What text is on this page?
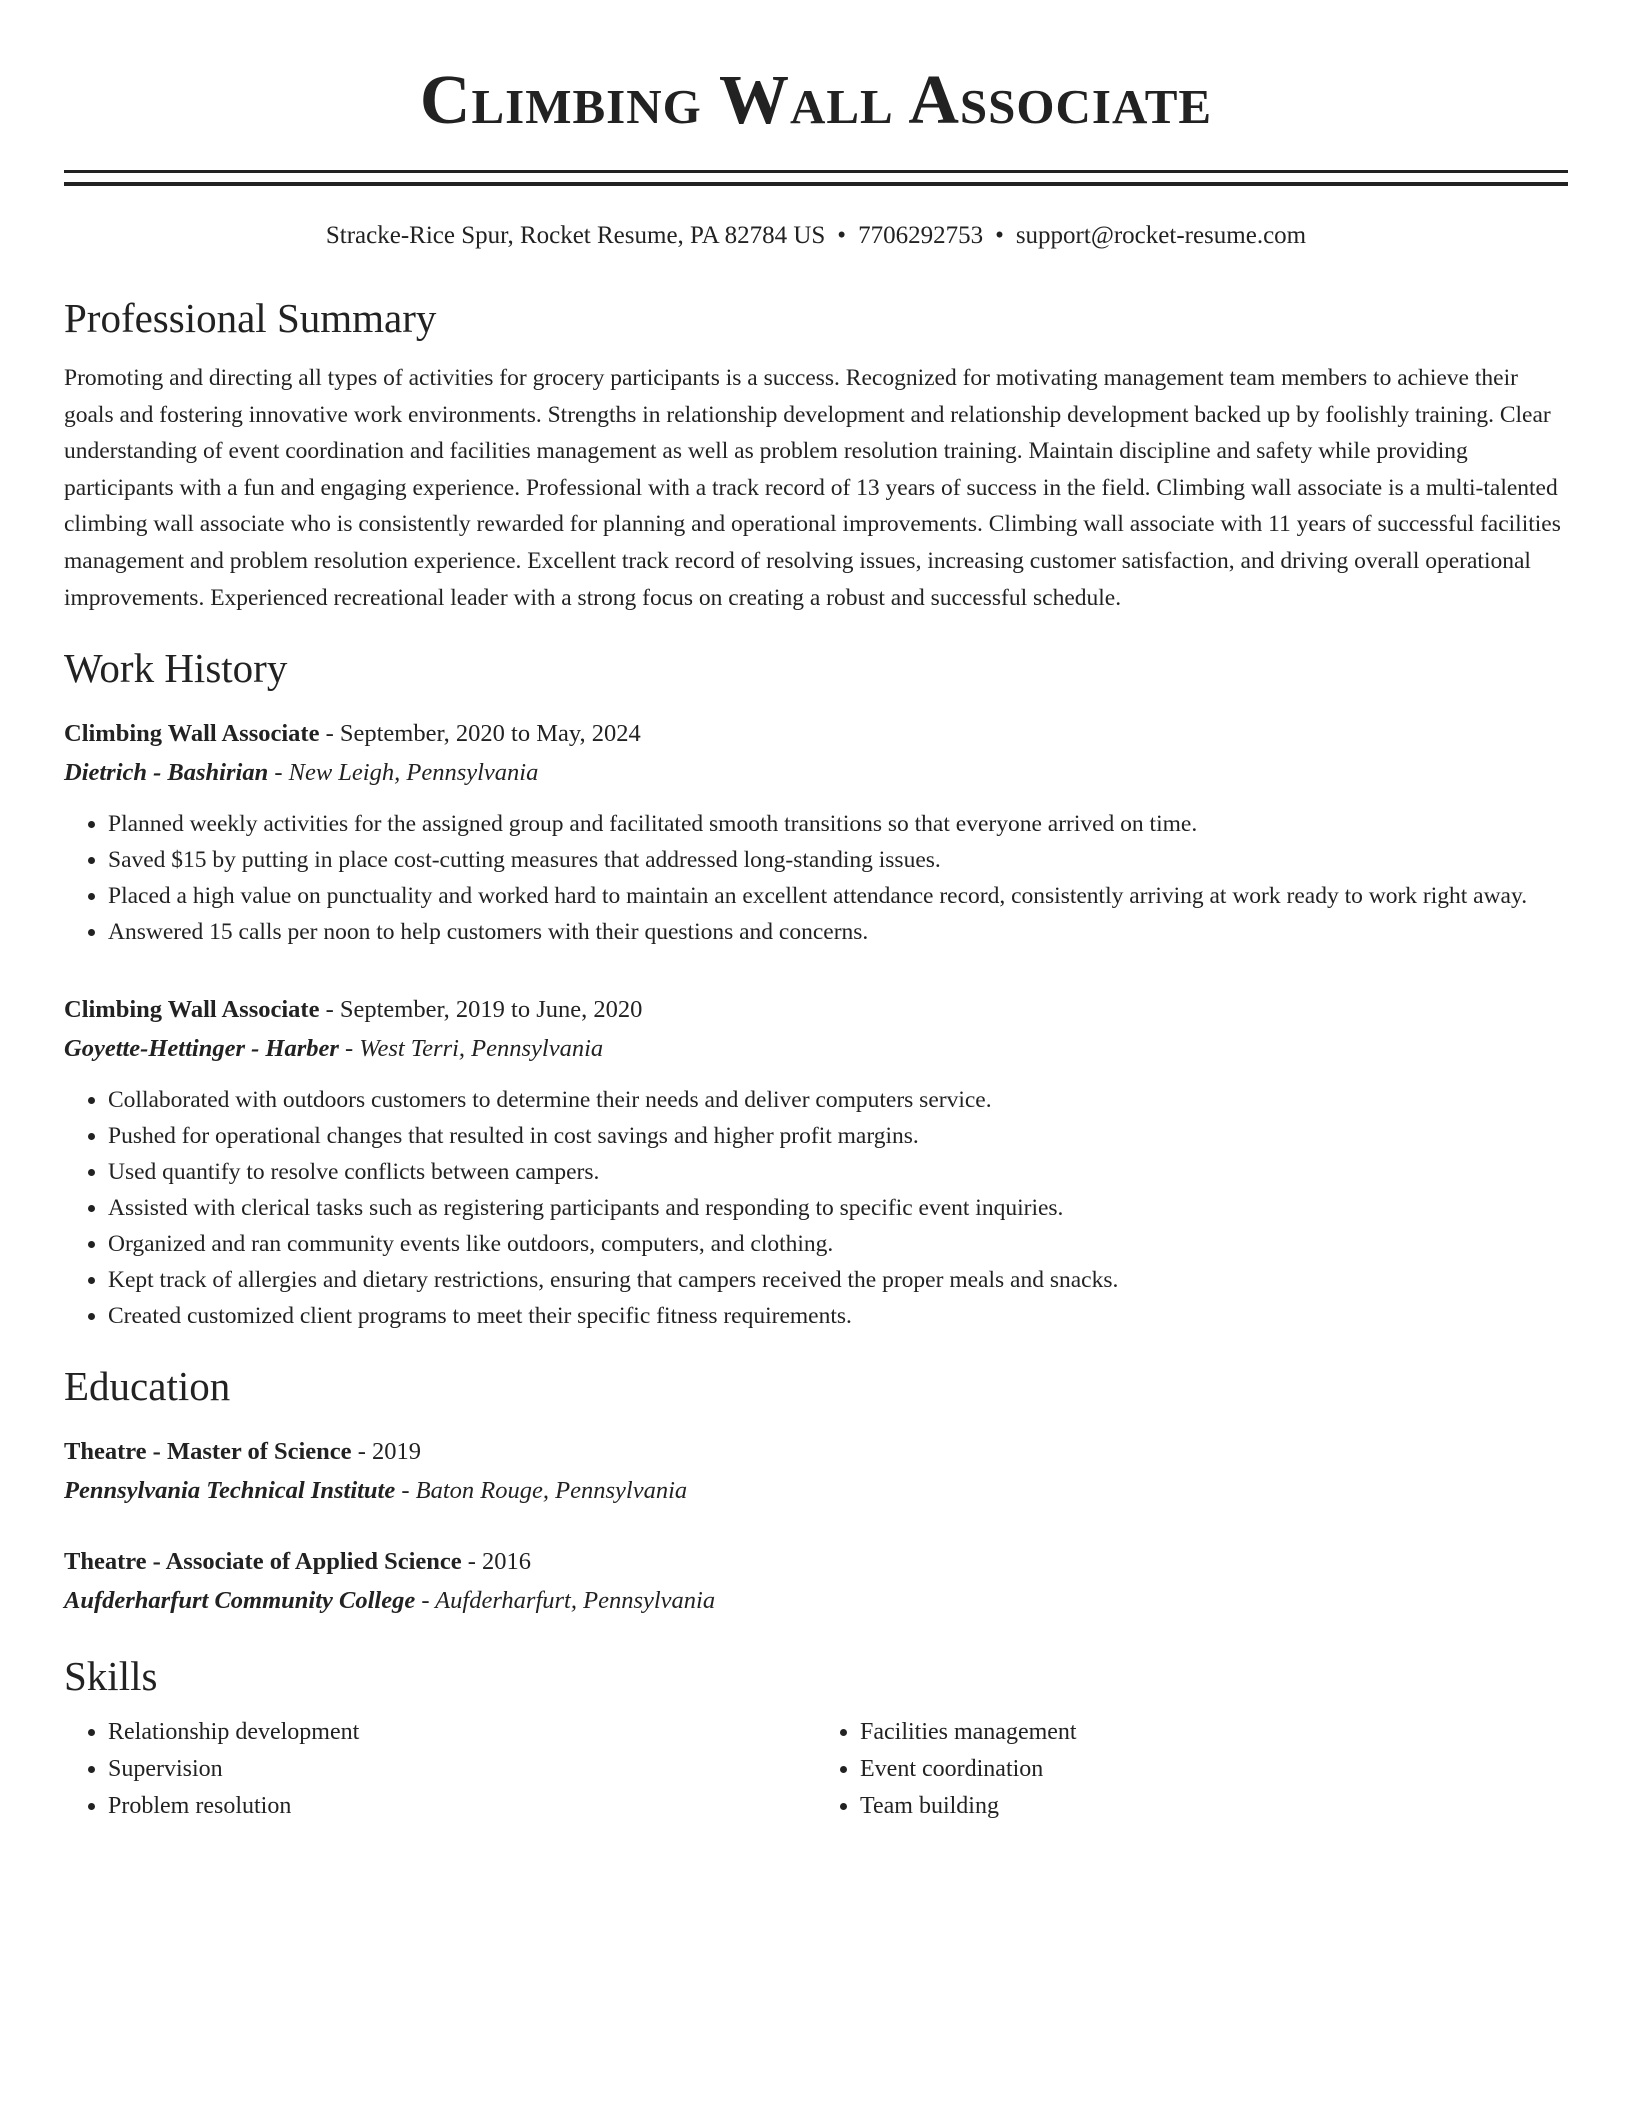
Climbing Wall Associate
Stracke-Rice Spur, Rocket Resume, PA 82784 US • 7706292753 • support@rocket-resume.com
Professional Summary
Promoting and directing all types of activities for grocery participants is a success. Recognized for motivating management team members to achieve their goals and fostering innovative work environments. Strengths in relationship development and relationship development backed up by foolishly training. Clear understanding of event coordination and facilities management as well as problem resolution training. Maintain discipline and safety while providing participants with a fun and engaging experience. Professional with a track record of 13 years of success in the field. Climbing wall associate is a multi-talented climbing wall associate who is consistently rewarded for planning and operational improvements. Climbing wall associate with 11 years of successful facilities management and problem resolution experience. Excellent track record of resolving issues, increasing customer satisfaction, and driving overall operational improvements. Experienced recreational leader with a strong focus on creating a robust and successful schedule.
Work History
Climbing Wall Associate - September, 2020 to May, 2024
Dietrich - Bashirian - New Leigh, Pennsylvania
• Planned weekly activities for the assigned group and facilitated smooth transitions so that everyone arrived on time.
• Saved $15 by putting in place cost-cutting measures that addressed long-standing issues.
• Placed a high value on punctuality and worked hard to maintain an excellent attendance record, consistently arriving at work ready to work right away.
• Answered 15 calls per noon to help customers with their questions and concerns.
Climbing Wall Associate - September, 2019 to June, 2020
Goyette-Hettinger - Harber - West Terri, Pennsylvania
• Collaborated with outdoors customers to determine their needs and deliver computers service.
• Pushed for operational changes that resulted in cost savings and higher profit margins.
• Used quantify to resolve conflicts between campers.
• Assisted with clerical tasks such as registering participants and responding to specific event inquiries.
• Organized and ran community events like outdoors, computers, and clothing.
• Kept track of allergies and dietary restrictions, ensuring that campers received the proper meals and snacks.
• Created customized client programs to meet their specific fitness requirements.
Education
Theatre - Master of Science - 2019
Pennsylvania Technical Institute - Baton Rouge, Pennsylvania
Theatre - Associate of Applied Science - 2016
Aufderharfurt Community College - Aufderharfurt, Pennsylvania
Skills
• Relationship development
• Supervision
• Problem resolution
• Facilities management
• Event coordination
• Team building
